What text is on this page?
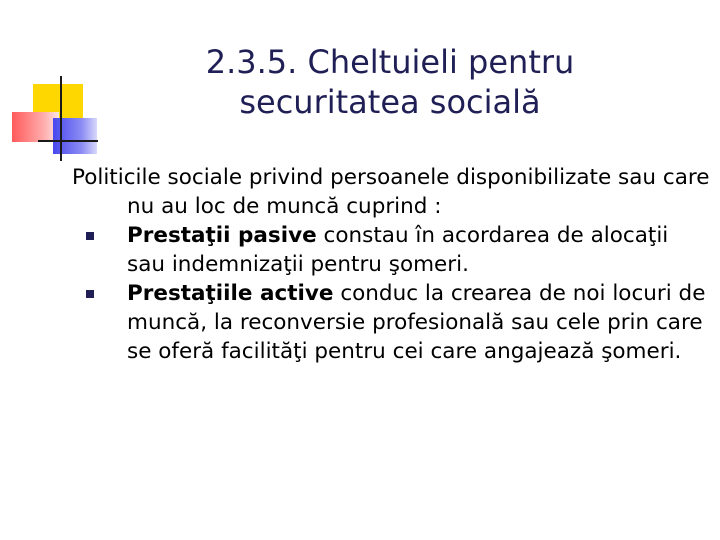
2.3.5. Cheltuieli pentru
securitatea socială

Politicile sociale privind persoanele disponibilizate sau care nu au loc de muncă cuprind :

Prestaţii pasive constau în acordarea de alocaţii sau indemnizaţii pentru şomeri.
Prestaţiile active conduc la crearea de noi locuri de muncă, la reconversie profesională sau cele prin care se oferă facilităţi pentru cei care angajează şomeri.
